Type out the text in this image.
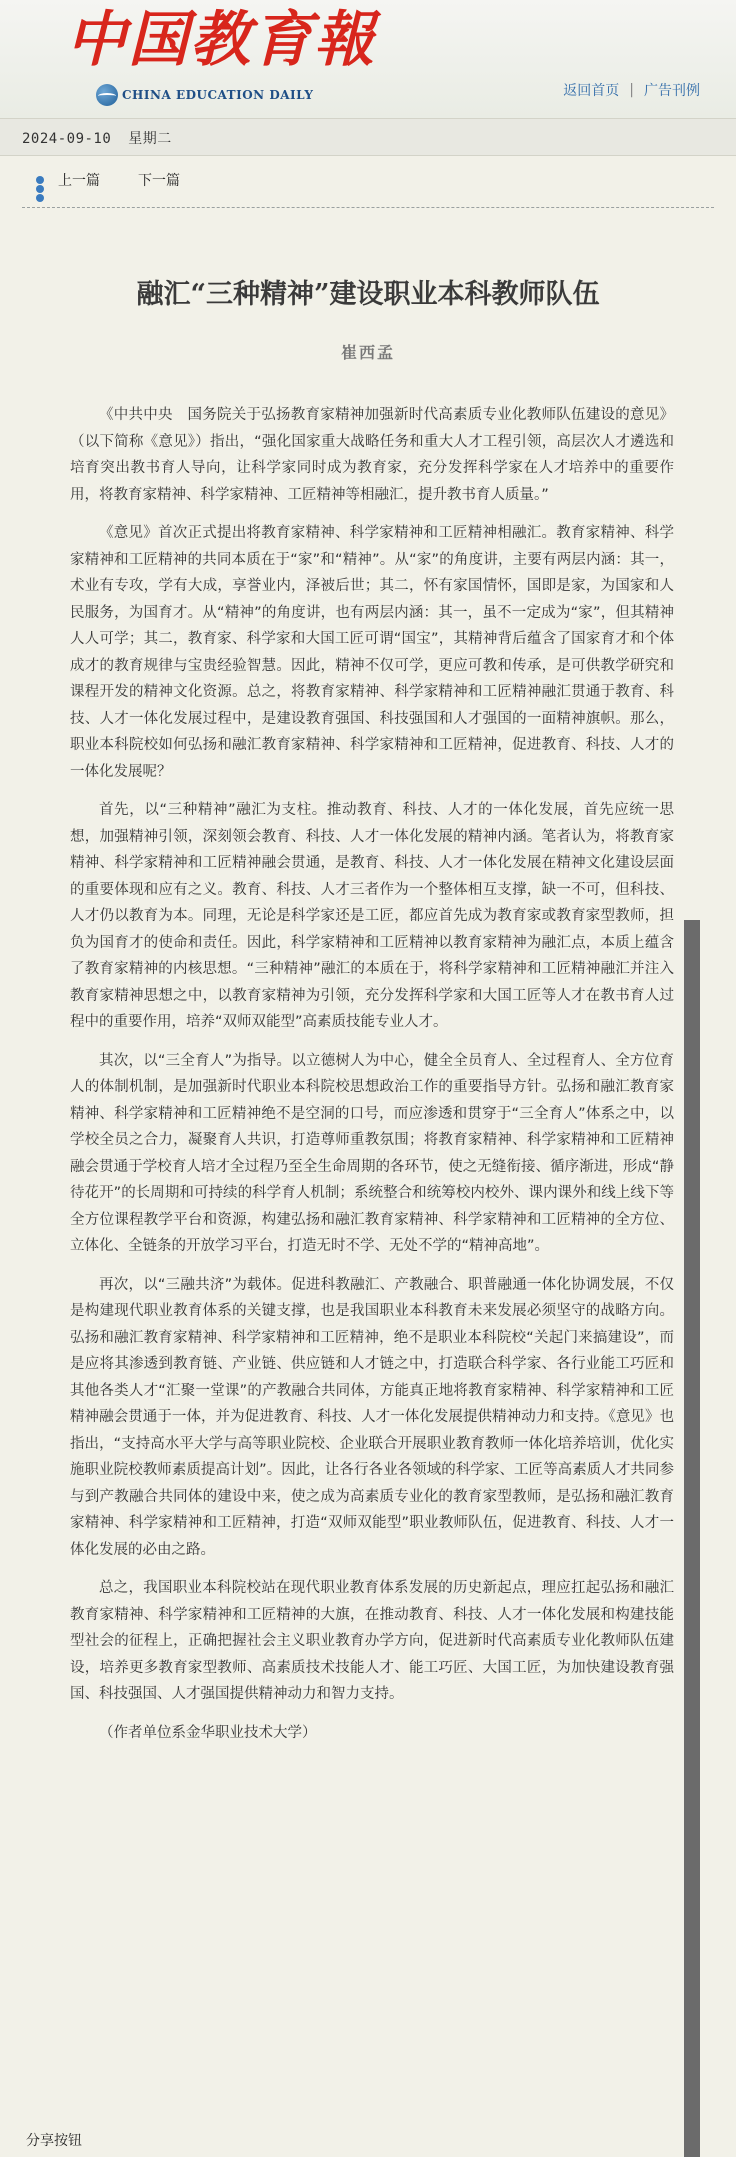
中国教育報
CHINA EDUCATION DAILY	返回首页 | 广告刊例
2024-09-10 星期二
上一篇	下一篇
融汇“三种精神”建设职业本科教师队伍
崔西孟

《中共中央　国务院关于弘扬教育家精神加强新时代高素质专业化教师队伍建设的意见》（以下简称《意见》）指出，“强化国家重大战略任务和重大人才工程引领，高层次人才遴选和培育突出教书育人导向，让科学家同时成为教育家，充分发挥科学家在人才培养中的重要作用，将教育家精神、科学家精神、工匠精神等相融汇，提升教书育人质量。”

《意见》首次正式提出将教育家精神、科学家精神和工匠精神相融汇。教育家精神、科学家精神和工匠精神的共同本质在于“家”和“精神”。从“家”的角度讲，主要有两层内涵：其一，术业有专攻，学有大成，享誉业内，泽被后世；其二，怀有家国情怀，国即是家，为国家和人民服务，为国育才。从“精神”的角度讲，也有两层内涵：其一，虽不一定成为“家”，但其精神人人可学；其二，教育家、科学家和大国工匠可谓“国宝”，其精神背后蕴含了国家育才和个体成才的教育规律与宝贵经验智慧。因此，精神不仅可学，更应可教和传承，是可供教学研究和课程开发的精神文化资源。总之，将教育家精神、科学家精神和工匠精神融汇贯通于教育、科技、人才一体化发展过程中，是建设教育强国、科技强国和人才强国的一面精神旗帜。那么，职业本科院校如何弘扬和融汇教育家精神、科学家精神和工匠精神，促进教育、科技、人才的一体化发展呢？

首先，以“三种精神”融汇为支柱。推动教育、科技、人才的一体化发展，首先应统一思想，加强精神引领，深刻领会教育、科技、人才一体化发展的精神内涵。笔者认为，将教育家精神、科学家精神和工匠精神融会贯通，是教育、科技、人才一体化发展在精神文化建设层面的重要体现和应有之义。教育、科技、人才三者作为一个整体相互支撑，缺一不可，但科技、人才仍以教育为本。同理，无论是科学家还是工匠，都应首先成为教育家或教育家型教师，担负为国育才的使命和责任。因此，科学家精神和工匠精神以教育家精神为融汇点，本质上蕴含了教育家精神的内核思想。“三种精神”融汇的本质在于，将科学家精神和工匠精神融汇并注入教育家精神思想之中，以教育家精神为引领，充分发挥科学家和大国工匠等人才在教书育人过程中的重要作用，培养“双师双能型”高素质技能专业人才。

其次，以“三全育人”为指导。以立德树人为中心，健全全员育人、全过程育人、全方位育人的体制机制，是加强新时代职业本科院校思想政治工作的重要指导方针。弘扬和融汇教育家精神、科学家精神和工匠精神绝不是空洞的口号，而应渗透和贯穿于“三全育人”体系之中，以学校全员之合力，凝聚育人共识，打造尊师重教氛围；将教育家精神、科学家精神和工匠精神融会贯通于学校育人培才全过程乃至全生命周期的各环节，使之无缝衔接、循序渐进，形成“静待花开”的长周期和可持续的科学育人机制；系统整合和统筹校内校外、课内课外和线上线下等全方位课程教学平台和资源，构建弘扬和融汇教育家精神、科学家精神和工匠精神的全方位、立体化、全链条的开放学习平台，打造无时不学、无处不学的“精神高地”。

再次，以“三融共济”为载体。促进科教融汇、产教融合、职普融通一体化协调发展，不仅是构建现代职业教育体系的关键支撑，也是我国职业本科教育未来发展必须坚守的战略方向。弘扬和融汇教育家精神、科学家精神和工匠精神，绝不是职业本科院校“关起门来搞建设”，而是应将其渗透到教育链、产业链、供应链和人才链之中，打造联合科学家、各行业能工巧匠和其他各类人才“汇聚一堂课”的产教融合共同体，方能真正地将教育家精神、科学家精神和工匠精神融会贯通于一体，并为促进教育、科技、人才一体化发展提供精神动力和支持。《意见》也指出，“支持高水平大学与高等职业院校、企业联合开展职业教育教师一体化培养培训，优化实施职业院校教师素质提高计划”。因此，让各行各业各领域的科学家、工匠等高素质人才共同参与到产教融合共同体的建设中来，使之成为高素质专业化的教育家型教师，是弘扬和融汇教育家精神、科学家精神和工匠精神，打造“双师双能型”职业教师队伍，促进教育、科技、人才一体化发展的必由之路。

总之，我国职业本科院校站在现代职业教育体系发展的历史新起点，理应扛起弘扬和融汇教育家精神、科学家精神和工匠精神的大旗，在推动教育、科技、人才一体化发展和构建技能型社会的征程上，正确把握社会主义职业教育办学方向，促进新时代高素质专业化教师队伍建设，培养更多教育家型教师、高素质技术技能人才、能工巧匠、大国工匠，为加快建设教育强国、科技强国、人才强国提供精神动力和智力支持。

（作者单位系金华职业技术大学）

分享按钮
